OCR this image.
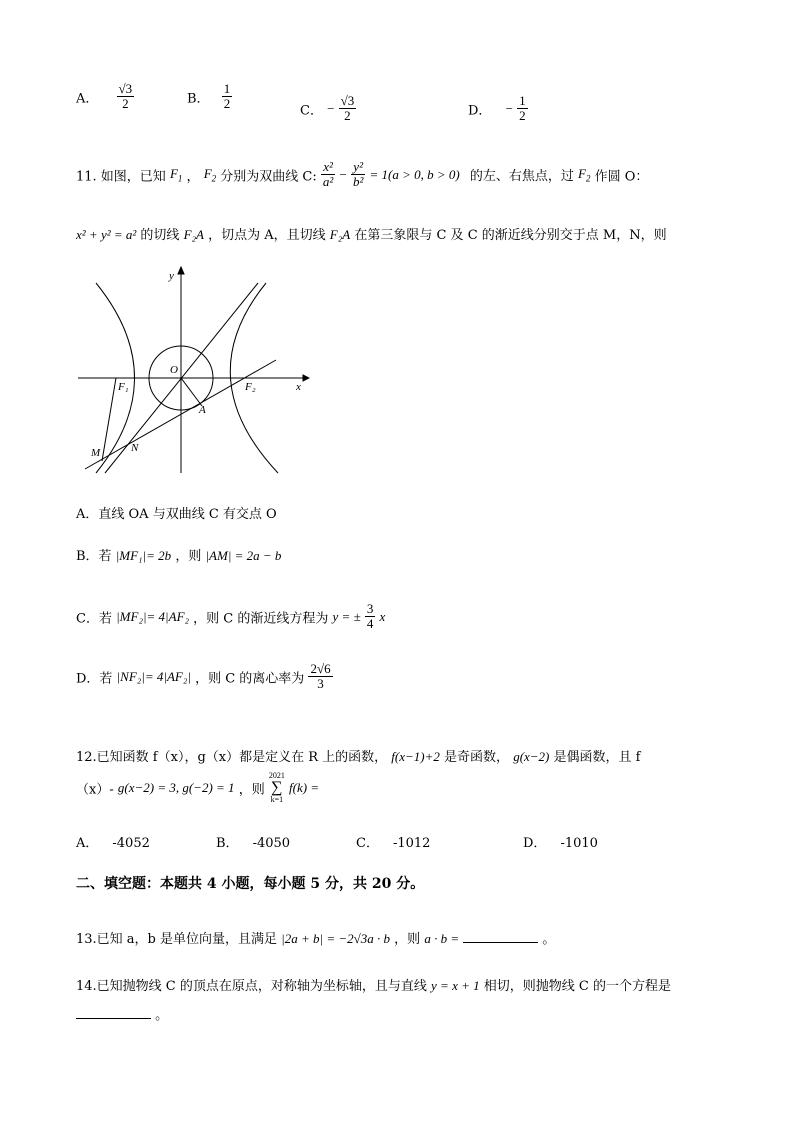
A． $\frac{√3}{2}$	B． $\frac{1}{2}$	C． − $\frac{√3}{2}$	D． − $\frac{1}{2}$
11. 如图，已知 $F_1$ ， $F_2$ 分别为双曲线 C: $\frac{\text{x²}}{\text{a²}} - \frac{\text{y²}}{\text{b²}} = 1(a > 0$, b > 0) 的左、右焦点，过 $F_2$ 作圆 O：
x² + y² = a² 的切线 F₂A ，切点为 A，且切线 F₂A 在第三象限与 C 及 C 的渐近线分别交于点 M，N，则
y
x
O
F₁	F₂
A
M	N
A．直线 OA 与双曲线 C 有交点 O
B．若 |MF₁|= 2b ，则 |AM| = 2a − b
C．若 |MF₂|= 4|AF₂ ，则 C 的渐近线方程为 y = ± $\frac{3}{4}$ x
D．若 |NF₂|= 4|AF₂| ，则 C 的离心率为 $\frac{2√6}{3}$
12.已知函数 f（x），g（x）都是定义在 R 上的函数， f(x−1)+2 是奇函数， g(x−2) 是偶函数，且 f
（x）- g(x−2) = 3, g(−2) = 1 ，则
2021
∑
k=1
f(k) =
A． -4052	B． -4050	C． -1012	D． -1010
二、填空题：本题共 4 小题，每小题 5 分，共 20 分。
13.已知 a，b 是单位向量，且满足 |2a + b| = −2√3a · b ，则 a · b =	。
14.已知抛物线 C 的顶点在原点，对称轴为坐标轴，且与直线 y = x + 1 相切，则抛物线 C 的一个方程是
。
